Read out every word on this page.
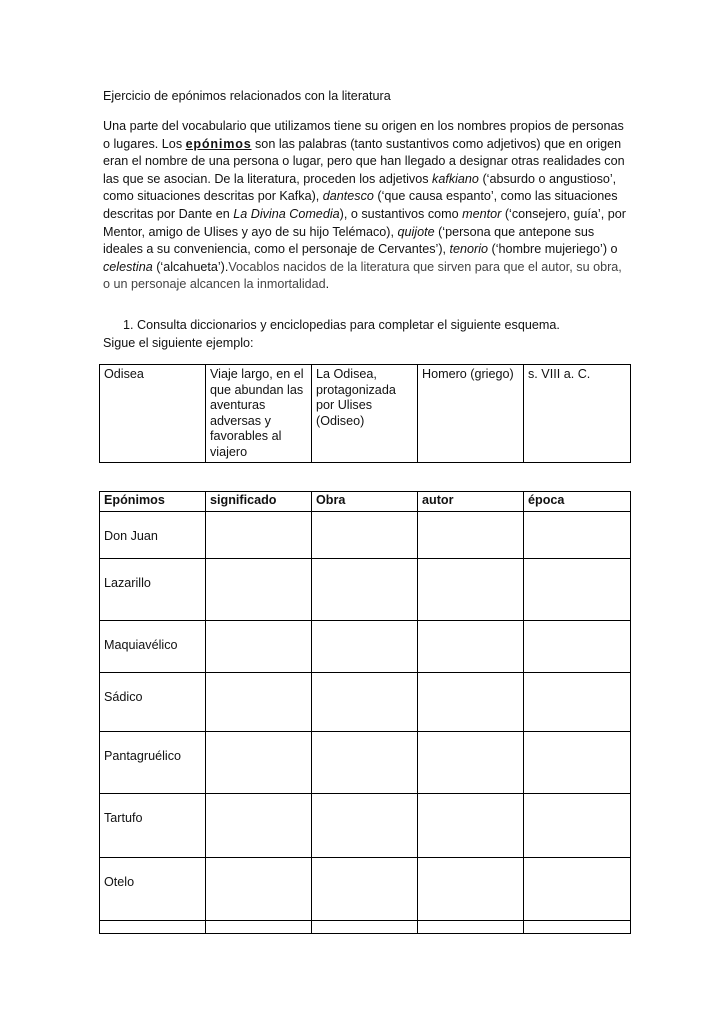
Ejercicio de epónimos relacionados con la literatura
Una parte del vocabulario que utilizamos tiene su origen en los nombres propios de personas o lugares. Los epónimos son las palabras (tanto sustantivos como adjetivos) que en origen eran el nombre de una persona o lugar, pero que han llegado a designar otras realidades con las que se asocian. De la literatura, proceden los adjetivos kafkiano (‘absurdo o angustioso’, como situaciones descritas por Kafka), dantesco (‘que causa espanto’, como las situaciones descritas por Dante en La Divina Comedia), o sustantivos como mentor (‘consejero, guía’, por Mentor, amigo de Ulises y ayo de su hijo Telémaco), quijote (‘persona que antepone sus ideales a su conveniencia, como el personaje de Cervantes’), tenorio (‘hombre mujeriego’) o celestina (‘alcahueta’).Vocablos nacidos de la literatura que sirven para que el autor, su obra, o un personaje alcancen la inmortalidad.
1. Consulta diccionarios y enciclopedias para completar el siguiente esquema.
Sigue el siguiente ejemplo:
Odisea	Viaje largo, en el que abundan las aventuras adversas y favorables al viajero	La Odisea, protagonizada por Ulises (Odiseo)	Homero (griego)	s. VIII a. C.
Epónimos	significado	Obra	autor	época
Don Juan				
Lazarillo				
Maquiavélico				
Sádico				
Pantagruélico				
Tartufo				
Otelo				
